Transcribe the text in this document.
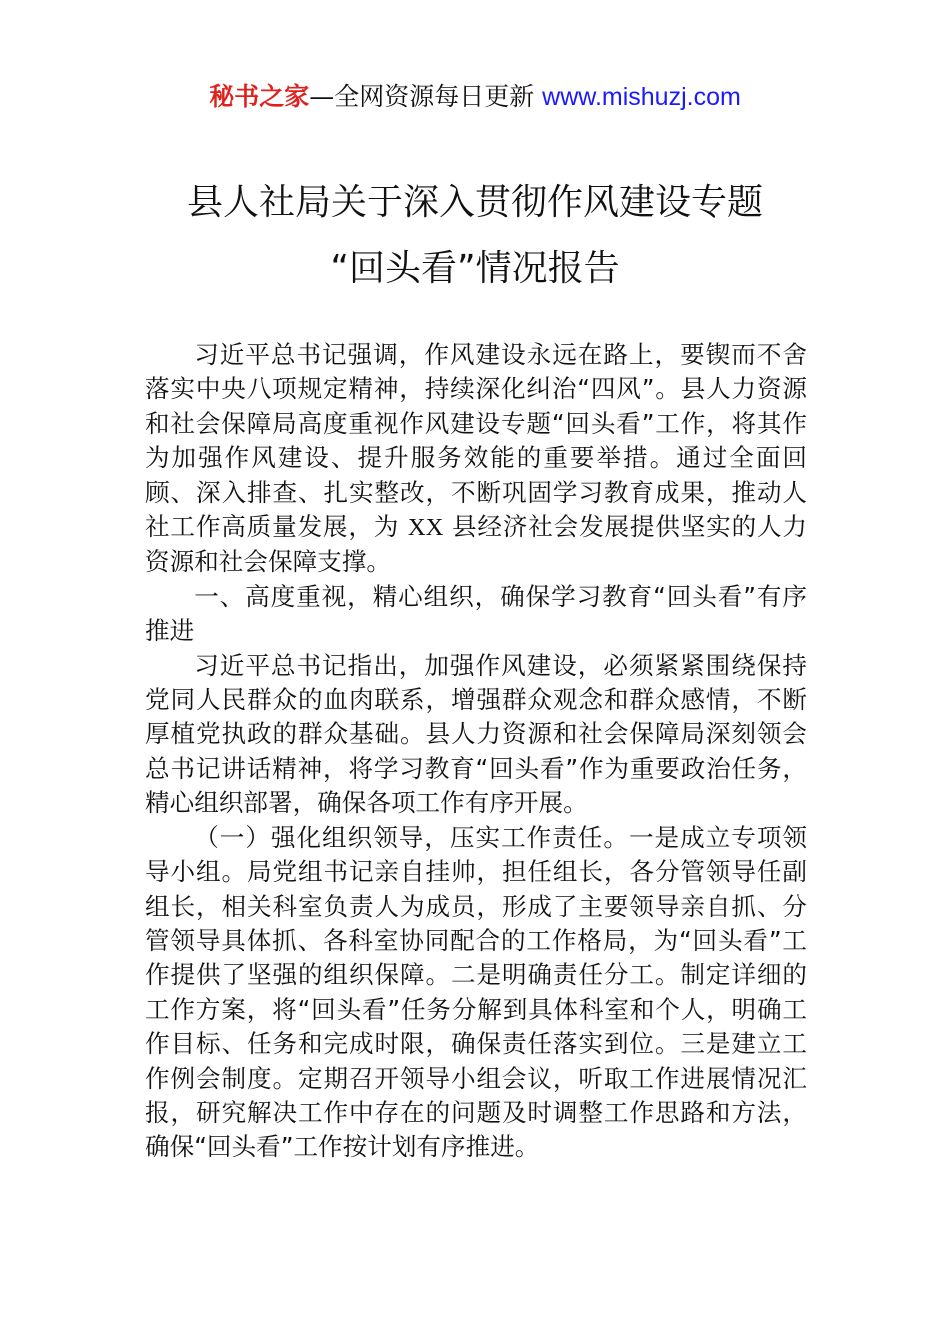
秘书之家—全网资源每日更新 www.mishuzj.com
县人社局关于深入贯彻作风建设专题
“回头看”情况报告

习近平总书记强调，作风建设永远在路上，要锲而不舍落实中央八项规定精神，持续深化纠治“四风”。县人力资源和社会保障局高度重视作风建设专题“回头看”工作，将其作为加强作风建设、提升服务效能的重要举措。通过全面回顾、深入排查、扎实整改，不断巩固学习教育成果，推动人社工作高质量发展，为 XX 县经济社会发展提供坚实的人力资源和社会保障支撑。

一、高度重视，精心组织，确保学习教育“回头看”有序推进

习近平总书记指出，加强作风建设，必须紧紧围绕保持党同人民群众的血肉联系，增强群众观念和群众感情，不断厚植党执政的群众基础。县人力资源和社会保障局深刻领会总书记讲话精神，将学习教育“回头看”作为重要政治任务，精心组织部署，确保各项工作有序开展。

（一）强化组织领导，压实工作责任。一是成立专项领导小组。局党组书记亲自挂帅，担任组长，各分管领导任副组长，相关科室负责人为成员，形成了主要领导亲自抓、分管领导具体抓、各科室协同配合的工作格局，为“回头看”工作提供了坚强的组织保障。二是明确责任分工。制定详细的工作方案，将“回头看”任务分解到具体科室和个人，明确工作目标、任务和完成时限，确保责任落实到位。三是建立工作例会制度。定期召开领导小组会议，听取工作进展情况汇报，研究解决工作中存在的问题及时调整工作思路和方法，确保“回头看”工作按计划有序推进。
